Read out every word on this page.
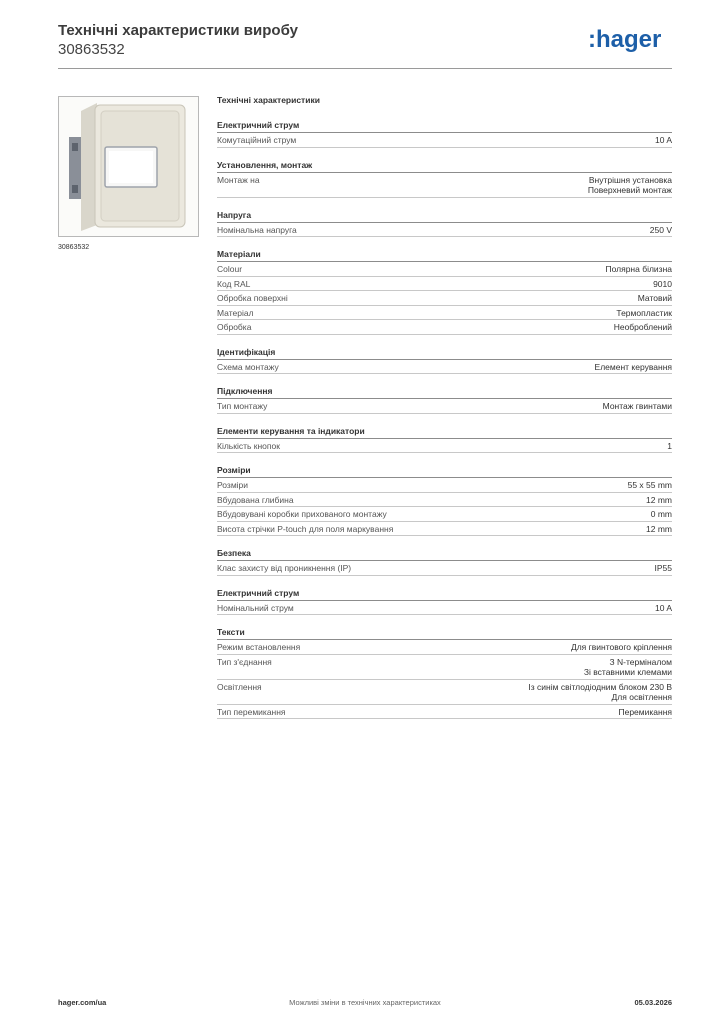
Технічні характеристики виробу
30863532	:hager
30863532
Технічні характеристики
Електричний струм
Комутаційний струм	10 A
Установлення, монтаж
Монтаж на	Внутрішня установка
Поверхневий монтаж
Напруга
Номінальна напруга	250 V
Матеріали
Colour	Полярна білизна
Код RAL	9010
Обробка поверхні	Матовий
Матеріал	Термопластик
Обробка	Необроблений
Ідентифікація
Схема монтажу	Елемент керування
Підключення
Тип монтажу	Монтаж гвинтами
Елементи керування та індикатори
Кількість кнопок	1
Розміри
Розміри	55 x 55 mm
Вбудована глибина	12 mm
Вбудовувані коробки прихованого монтажу	0 mm
Висота стрічки P-touch для поля маркування	12 mm
Безпека
Клас захисту від проникнення (IP)	IP55
Електричний струм
Номінальний струм	10 A
Тексти
Режим встановлення	Для гвинтового кріплення
Тип з'єднання	З N-терміналом
Зі вставними клемами
Освітлення	Із синім світлодіодним блоком 230 В
Для освітлення
Тип перемикання	Перемикання
hager.com/ua	Можливі зміни в технічних характеристиках	05.03.2026
